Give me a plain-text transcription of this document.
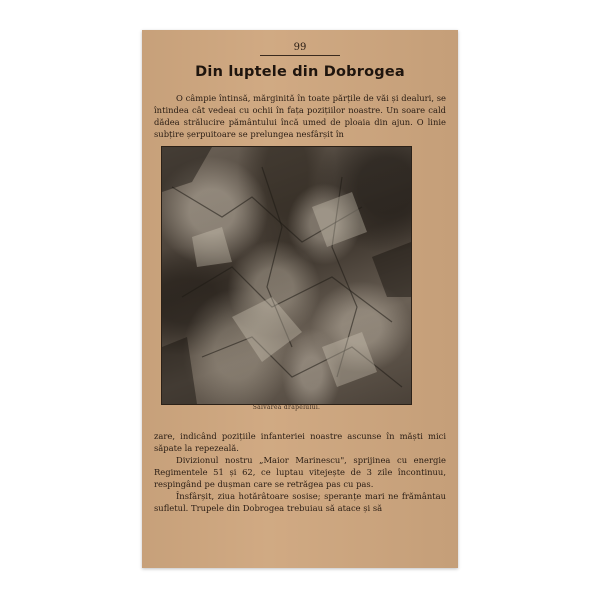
99
Din luptele din Dobrogea

O câmpie întinsă, mărginită în toate părțile de văi și dealuri, se întindea cât vedeai cu ochii în fața pozițiilor noastre. Un soare cald dădea strălucire pământului încă umed de ploaia din ajun. O linie subțire șerpuitoare se prelungea nesfârșit în

Salvarea drapelului.

zare, indicând pozițiile infanteriei noastre ascunse în măști mici săpate la repezeală.

Divizionul nostru „Maior Marinescu", sprijinea cu energie Regimentele 51 și 62, ce luptau vitejește de 3 zile încontinuu, respingând pe dușman care se retrăgea pas cu pas.

Însfârșit, ziua hotărâtoare sosise; speranțe mari ne frământau sufletul. Trupele din Dobrogea trebuiau să atace și să
